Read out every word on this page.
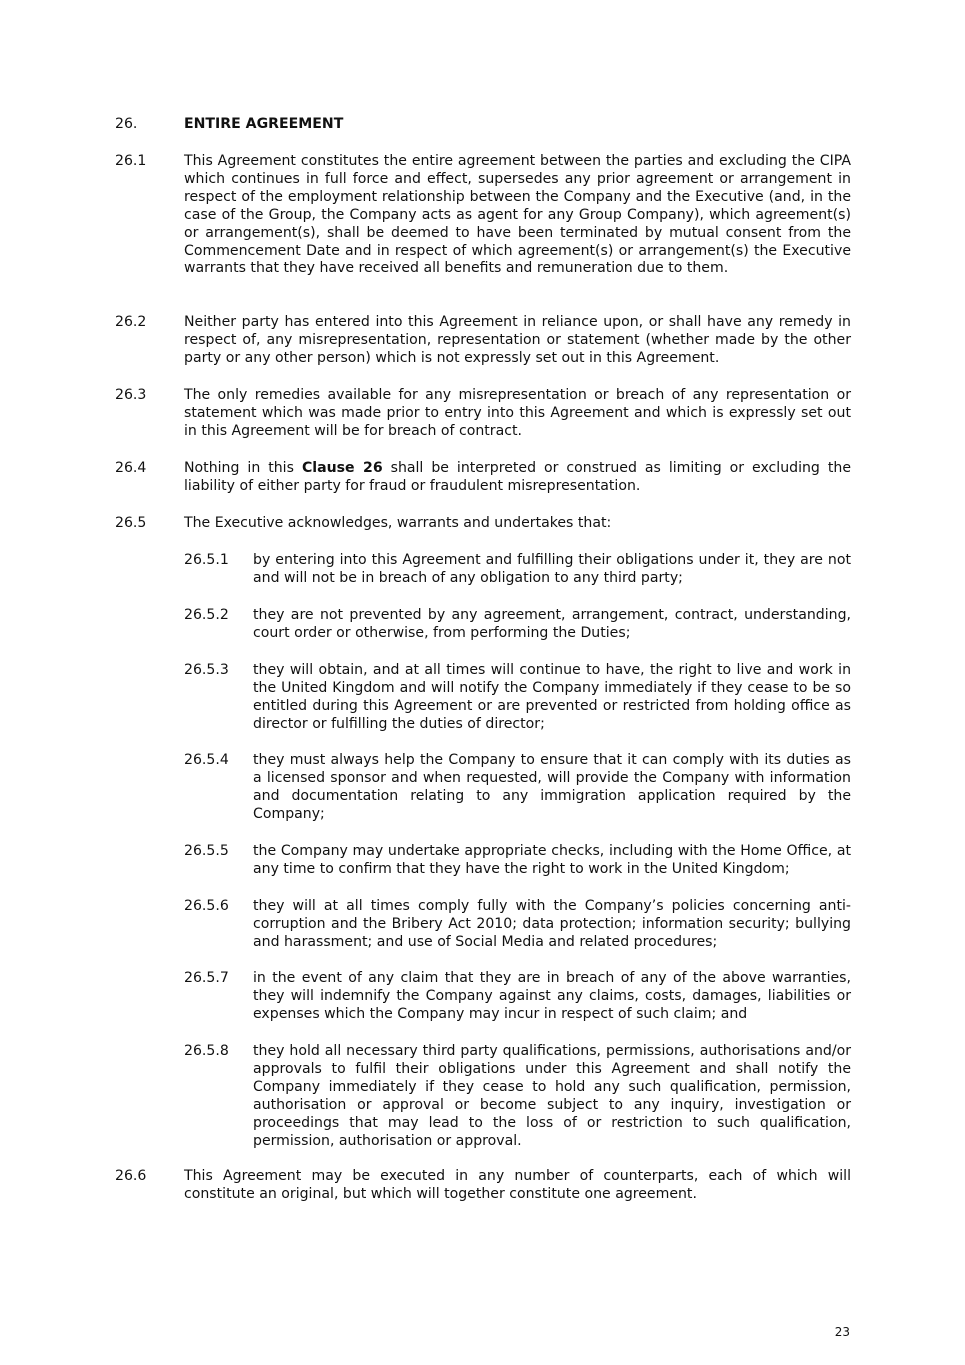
26.	ENTIRE AGREEMENT
26.1	This Agreement constitutes the entire agreement between the parties and excluding the CIPA which continues in full force and effect, supersedes any prior agreement or arrangement in respect of the employment relationship between the Company and the Executive (and, in the case of the Group, the Company acts as agent for any Group Company), which agreement(s) or arrangement(s), shall be deemed to have been terminated by mutual consent from the Commencement Date and in respect of which agreement(s) or arrangement(s) the Executive warrants that they have received all benefits and remuneration due to them.
26.2	Neither party has entered into this Agreement in reliance upon, or shall have any remedy in respect of, any misrepresentation, representation or statement (whether made by the other party or any other person) which is not expressly set out in this Agreement.
26.3	The only remedies available for any misrepresentation or breach of any representation or statement which was made prior to entry into this Agreement and which is expressly set out in this Agreement will be for breach of contract.
26.4	Nothing in this Clause 26 shall be interpreted or construed as limiting or excluding the liability of either party for fraud or fraudulent misrepresentation.
26.5	The Executive acknowledges, warrants and undertakes that:
26.5.1 by entering into this Agreement and fulfilling their obligations under it, they are not and will not be in breach of any obligation to any third party;
26.5.2 they are not prevented by any agreement, arrangement, contract, understanding, court order or otherwise, from performing the Duties;
26.5.3 they will obtain, and at all times will continue to have, the right to live and work in the United Kingdom and will notify the Company immediately if they cease to be so entitled during this Agreement or are prevented or restricted from holding office as director or fulfilling the duties of director;
26.5.4 they must always help the Company to ensure that it can comply with its duties as a licensed sponsor and when requested, will provide the Company with information and documentation relating to any immigration application required by the Company;
26.5.5 the Company may undertake appropriate checks, including with the Home Office, at any time to confirm that they have the right to work in the United Kingdom;
26.5.6 they will at all times comply fully with the Company’s policies concerning anti-corruption and the Bribery Act 2010; data protection; information security; bullying and harassment; and use of Social Media and related procedures;
26.5.7 in the event of any claim that they are in breach of any of the above warranties, they will indemnify the Company against any claims, costs, damages, liabilities or expenses which the Company may incur in respect of such claim; and
26.5.8 they hold all necessary third party qualifications, permissions, authorisations and/or approvals to fulfil their obligations under this Agreement and shall notify the Company immediately if they cease to hold any such qualification, permission, authorisation or approval or become subject to any inquiry, investigation or proceedings that may lead to the loss of or restriction to such qualification, permission, authorisation or approval.
26.6	This Agreement may be executed in any number of counterparts, each of which will constitute an original, but which will together constitute one agreement.
23
